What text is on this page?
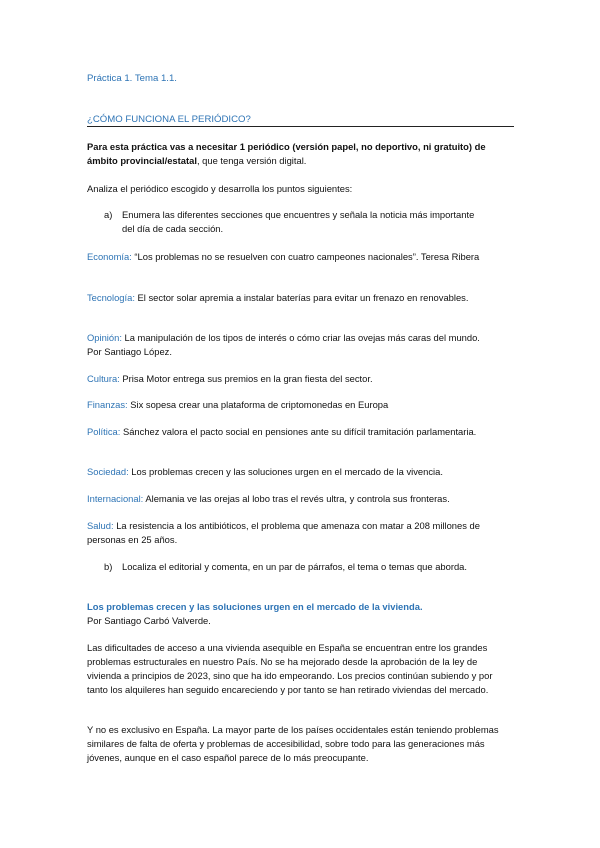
Práctica 1. Tema 1.1.
¿CÓMO FUNCIONA EL PERIÓDICO?
Para esta práctica vas a necesitar 1 periódico (versión papel, no deportivo, ni gratuito) de ámbito provincial/estatal, que tenga versión digital.
Analiza el periódico escogido y desarrolla los puntos siguientes:
a) Enumera las diferentes secciones que encuentres y señala la noticia más importante del día de cada sección.
Economía: “Los problemas no se resuelven con cuatro campeones nacionales”. Teresa Ribera
Tecnología: El sector solar apremia a instalar baterías para evitar un frenazo en renovables.
Opinión: La manipulación de los tipos de interés o cómo criar las ovejas más caras del mundo. Por Santiago López.
Cultura: Prisa Motor entrega sus premios en la gran fiesta del sector.
Finanzas: Six sopesa crear una plataforma de criptomonedas en Europa
Política: Sánchez valora el pacto social en pensiones ante su difícil tramitación parlamentaria.
Sociedad: Los problemas crecen y las soluciones urgen en el mercado de la vivencia.
Internacional: Alemania ve las orejas al lobo tras el revés ultra, y controla sus fronteras.
Salud: La resistencia a los antibióticos, el problema que amenaza con matar a 208 millones de personas en 25 años.
b) Localiza el editorial y comenta, en un par de párrafos, el tema o temas que aborda.
Los problemas crecen y las soluciones urgen en el mercado de la vivienda.
Por Santiago Carbó Valverde.
Las dificultades de acceso a una vivienda asequible en España se encuentran entre los grandes problemas estructurales en nuestro País. No se ha mejorado desde la aprobación de la ley de vivienda a principios de 2023, sino que ha ido empeorando. Los precios continúan subiendo y por tanto los alquileres han seguido encareciendo y por tanto se han retirado viviendas del mercado.
Y no es exclusivo en España. La mayor parte de los países occidentales están teniendo problemas similares de falta de oferta y problemas de accesibilidad, sobre todo para las generaciones más jóvenes, aunque en el caso español parece de lo más preocupante.
